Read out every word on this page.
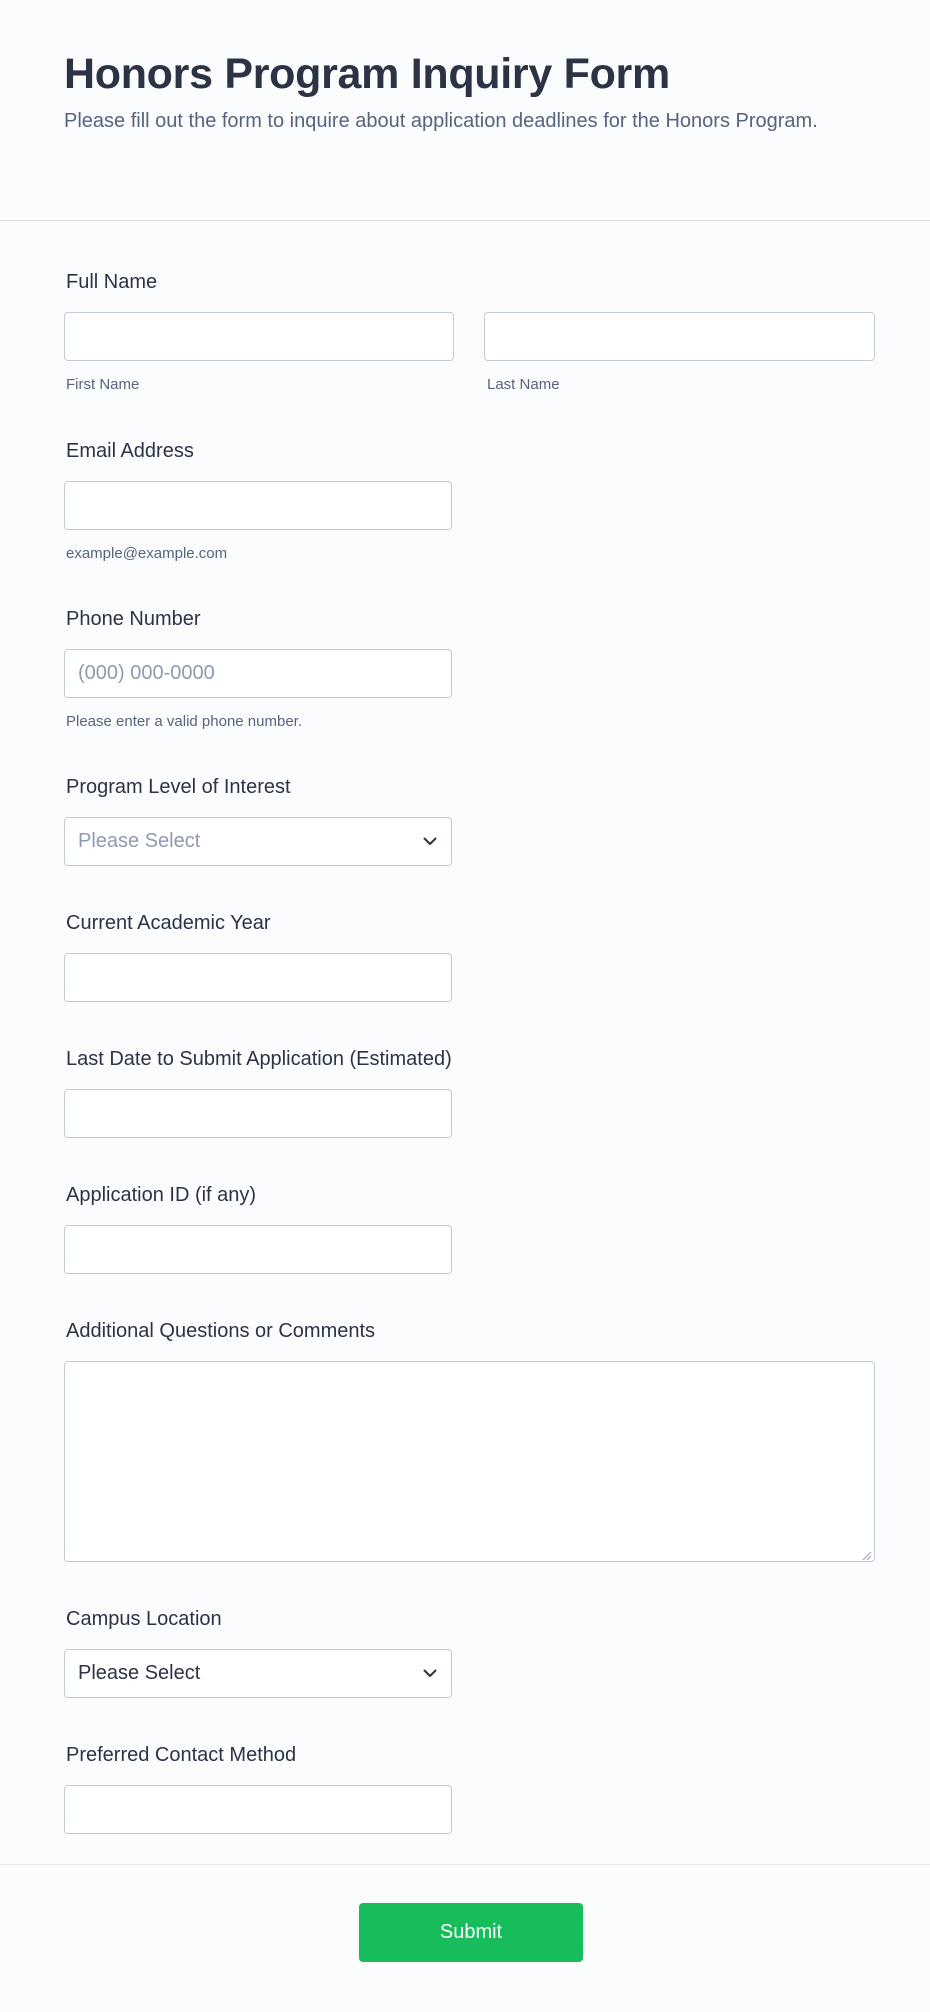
Honors Program Inquiry Form

Please fill out the form to inquire about application deadlines for the Honors Program.

Full Name

First Name	Last Name

Email Address

example@example.com

Phone Number

(000) 000-0000

Please enter a valid phone number.

Program Level of Interest

Please Select

Current Academic Year

Last Date to Submit Application (Estimated)

Application ID (if any)

Additional Questions or Comments

Campus Location

Please Select

Preferred Contact Method

Submit
